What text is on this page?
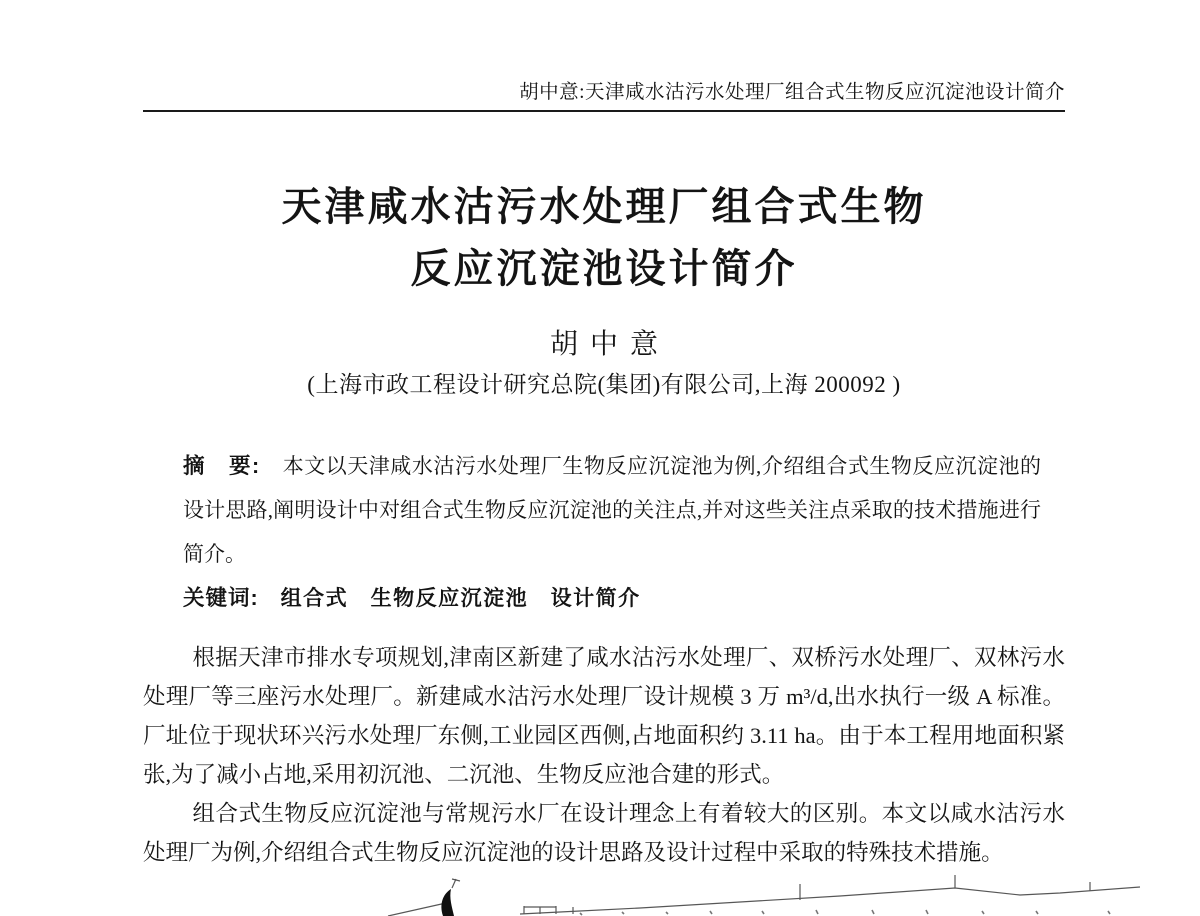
胡中意:天津咸水沽污水处理厂组合式生物反应沉淀池设计简介
天津咸水沽污水处理厂组合式生物
反应沉淀池设计简介
胡中意
(上海市政工程设计研究总院(集团)有限公司,上海 200092 )

摘　要: 本文以天津咸水沽污水处理厂生物反应沉淀池为例,介绍组合式生物反应沉淀池的设计思路,阐明设计中对组合式生物反应沉淀池的关注点,并对这些关注点采取的技术措施进行简介。

关键词: 组合式　生物反应沉淀池　设计简介

根据天津市排水专项规划,津南区新建了咸水沽污水处理厂、双桥污水处理厂、双林污水处理厂等三座污水处理厂。新建咸水沽污水处理厂设计规模 3 万 m³/d,出水执行一级 A 标准。厂址位于现状环兴污水处理厂东侧,工业园区西侧,占地面积约 3.11 ha。由于本工程用地面积紧张,为了减小占地,采用初沉池、二沉池、生物反应池合建的形式。

组合式生物反应沉淀池与常规污水厂在设计理念上有着较大的区别。本文以咸水沽污水处理厂为例,介绍组合式生物反应沉淀池的设计思路及设计过程中采取的特殊技术措施。
